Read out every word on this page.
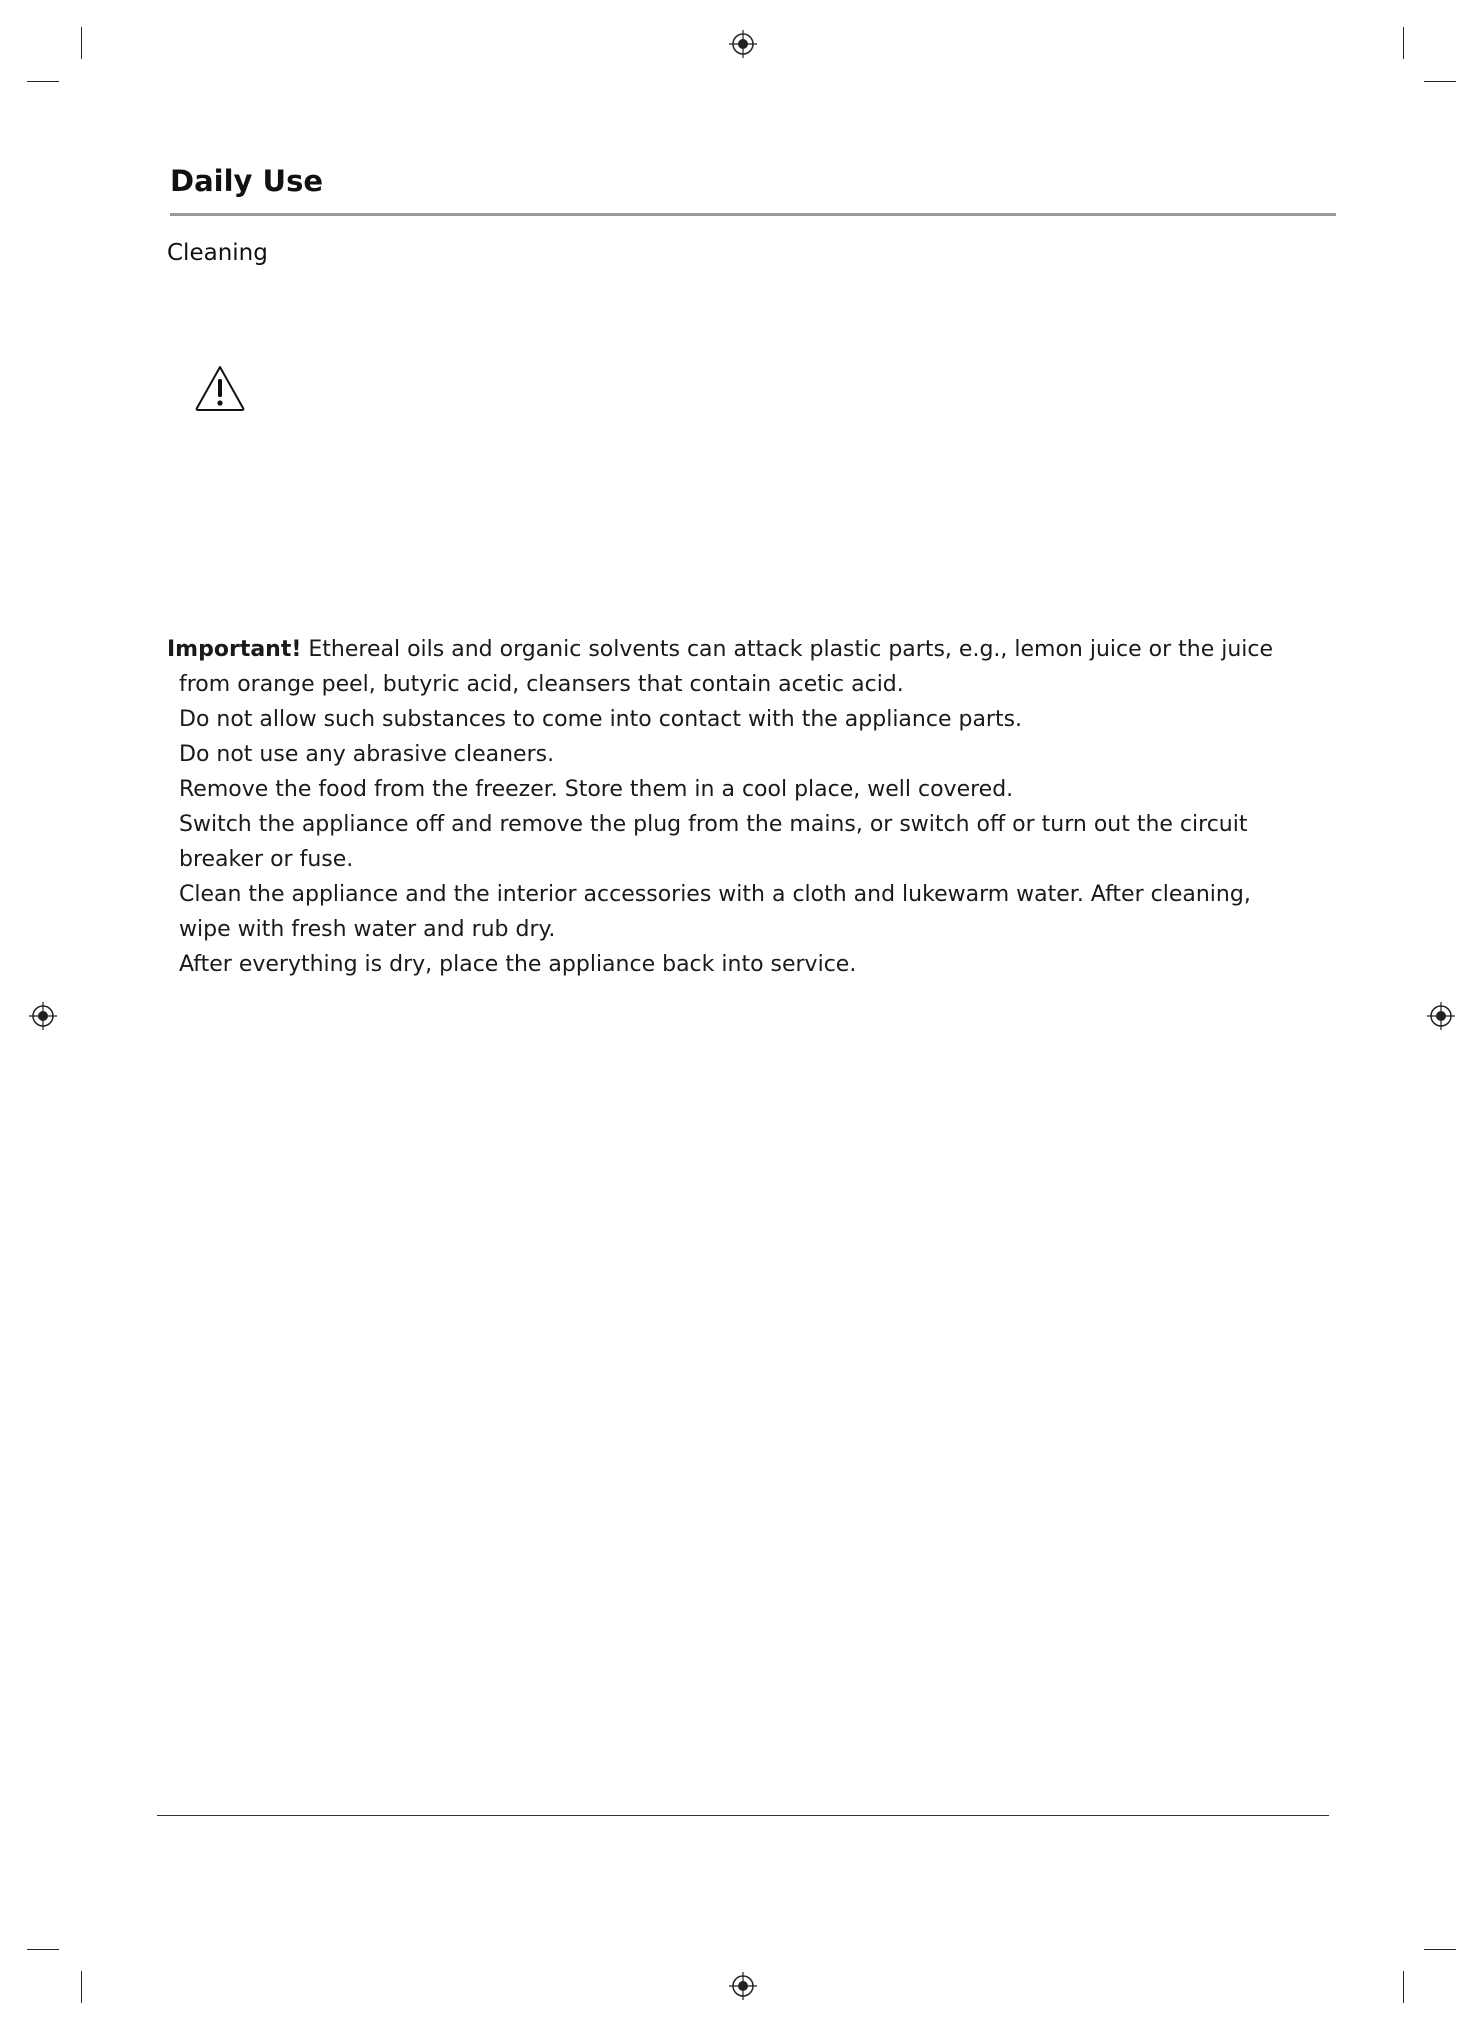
Daily Use
Cleaning

Important! Ethereal oils and organic solvents can attack plastic parts, e.g., lemon juice or the juice from orange peel, butyric acid, cleansers that contain acetic acid.

Do not allow such substances to come into contact with the appliance parts.

Do not use any abrasive cleaners.

Remove the food from the freezer. Store them in a cool place, well covered.

Switch the appliance off and remove the plug from the mains, or switch off or turn out the circuit breaker or fuse.

Clean the appliance and the interior accessories with a cloth and lukewarm water. After cleaning, wipe with fresh water and rub dry.

After everything is dry, place the appliance back into service.
